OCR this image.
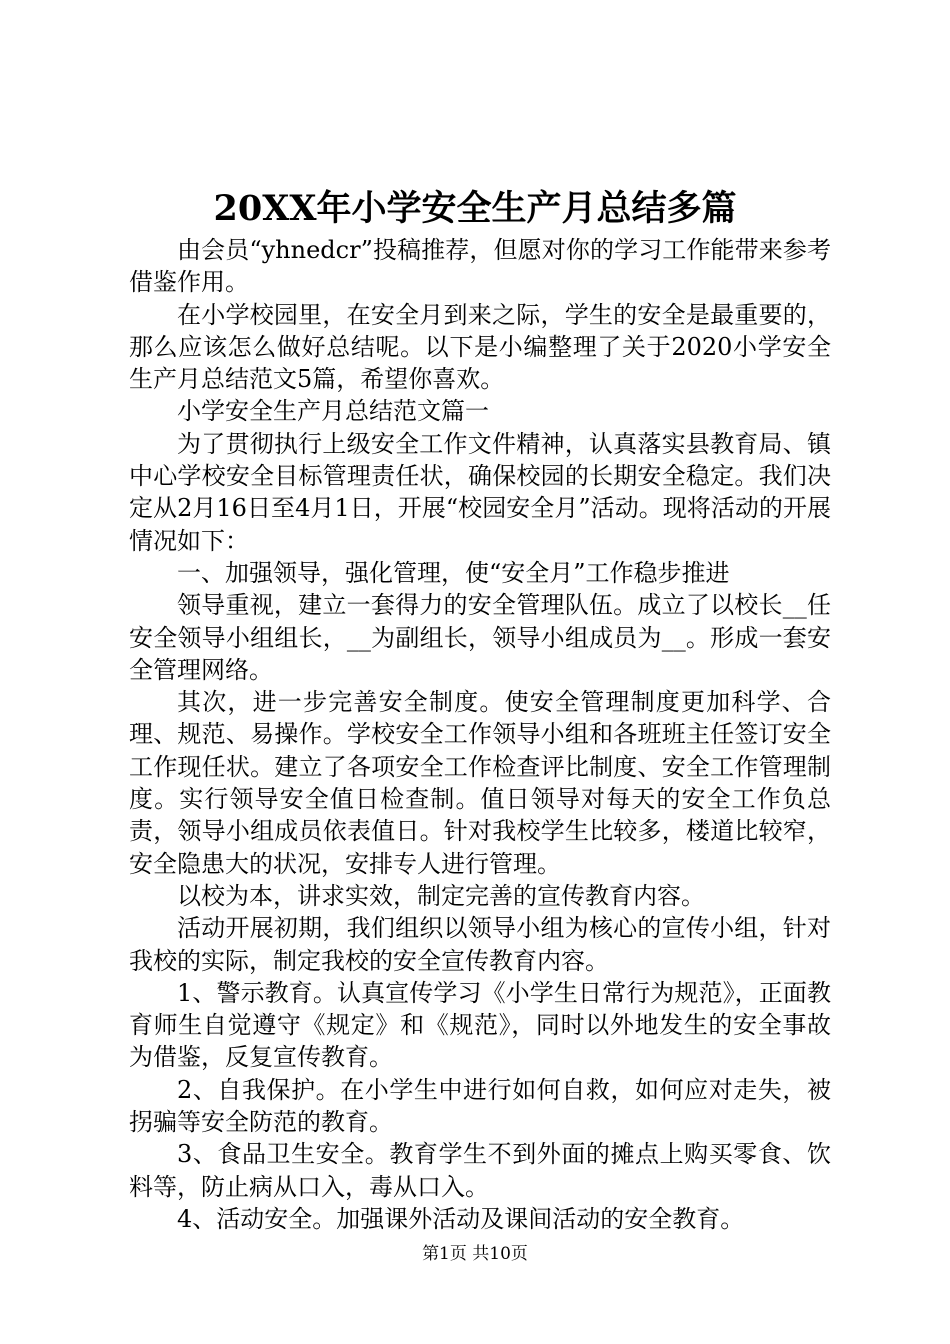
20XX年小学安全生产月总结多篇

由会员“yhnedcr”投稿推荐，但愿对你的学习工作能带来参考借鉴作用。

在小学校园里，在安全月到来之际，学生的安全是最重要的，那么应该怎么做好总结呢。以下是小编整理了关于2020小学安全生产月总结范文5篇，希望你喜欢。

小学安全生产月总结范文篇一

为了贯彻执行上级安全工作文件精神，认真落实县教育局、镇中心学校安全目标管理责任状，确保校园的长期安全稳定。我们决定从2月16日至4月1日，开展“校园安全月”活动。现将活动的开展情况如下：

一、加强领导，强化管理，使“安全月”工作稳步推进

领导重视，建立一套得力的安全管理队伍。成立了以校长__任安全领导小组组长，__为副组长，领导小组成员为__。形成一套安全管理网络。

其次，进一步完善安全制度。使安全管理制度更加科学、合理、规范、易操作。学校安全工作领导小组和各班班主任签订安全工作现任状。建立了各项安全工作检查评比制度、安全工作管理制度。实行领导安全值日检查制。值日领导对每天的安全工作负总责，领导小组成员依表值日。针对我校学生比较多，楼道比较窄，安全隐患大的状况，安排专人进行管理。

以校为本，讲求实效，制定完善的宣传教育内容。

活动开展初期，我们组织以领导小组为核心的宣传小组，针对我校的实际，制定我校的安全宣传教育内容。

1、警示教育。认真宣传学习《小学生日常行为规范》，正面教育师生自觉遵守《规定》和《规范》，同时以外地发生的安全事故为借鉴，反复宣传教育。

2、自我保护。在小学生中进行如何自救，如何应对走失，被拐骗等安全防范的教育。

3、食品卫生安全。教育学生不到外面的摊点上购买零食、饮料等，防止病从口入，毒从口入。

4、活动安全。加强课外活动及课间活动的安全教育。

第1页 共10页
